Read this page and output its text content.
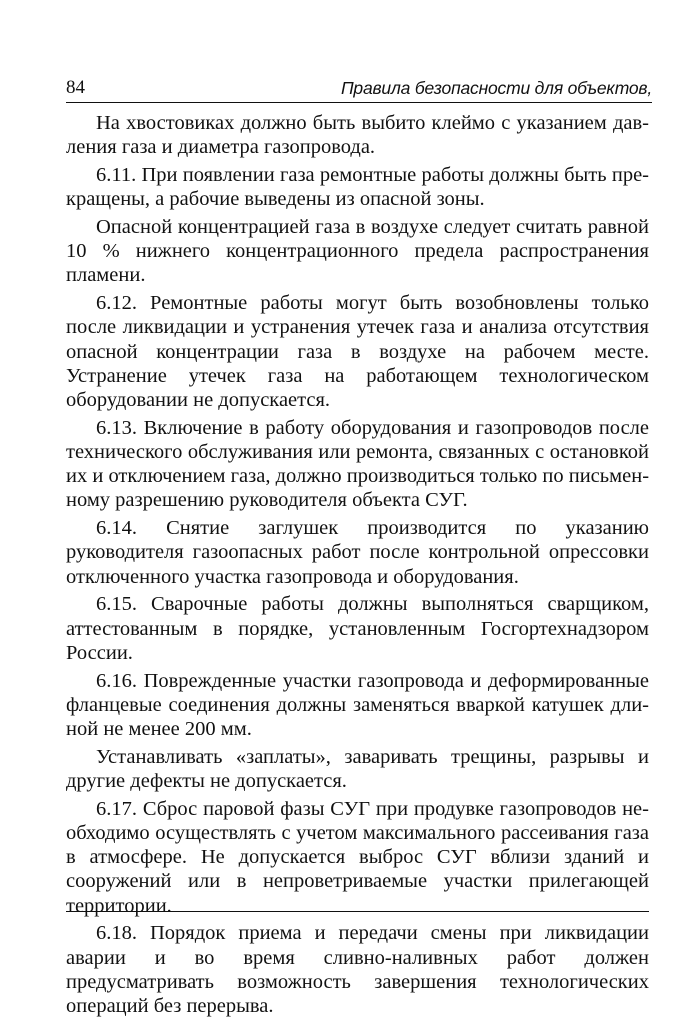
84	Правила безопасности для объектов,

На хвостовиках должно быть выбито клеймо с указанием давления газа и диаметра газопровода.

6.11. При появлении газа ремонтные работы должны быть прекращены, а рабочие выведены из опасной зоны.

Опасной концентрацией газа в воздухе следует считать равной 10 % нижнего концентрационного предела распространения пламени.

6.12. Ремонтные работы могут быть возобновлены только после ликвидации и устранения утечек газа и анализа отсутствия опасной концентрации газа в воздухе на рабочем месте. Устранение утечек газа на работающем технологическом оборудовании не допускается.

6.13. Включение в работу оборудования и газопроводов после технического обслуживания или ремонта, связанных с остановкой их и отключением газа, должно производиться только по письменному разрешению руководителя объекта СУГ.

6.14. Снятие заглушек производится по указанию руководителя газоопасных работ после контрольной опрессовки отключенного участка газопровода и оборудования.

6.15. Сварочные работы должны выполняться сварщиком, аттестованным в порядке, установленным Госгортехнадзором России.

6.16. Поврежденные участки газопровода и деформированные фланцевые соединения должны заменяться вваркой катушек длиной не менее 200 мм.

Устанавливать «заплаты», заваривать трещины, разрывы и другие дефекты не допускается.

6.17. Сброс паровой фазы СУГ при продувке газопроводов необходимо осуществлять с учетом максимального рассеивания газа в атмосфере. Не допускается выброс СУГ вблизи зданий и сооружений или в непроветриваемые участки прилегающей территории.

6.18. Порядок приема и передачи смены при ликвидации аварии и во время сливно-наливных работ должен предусматривать возможность завершения технологических операций без перерыва.
